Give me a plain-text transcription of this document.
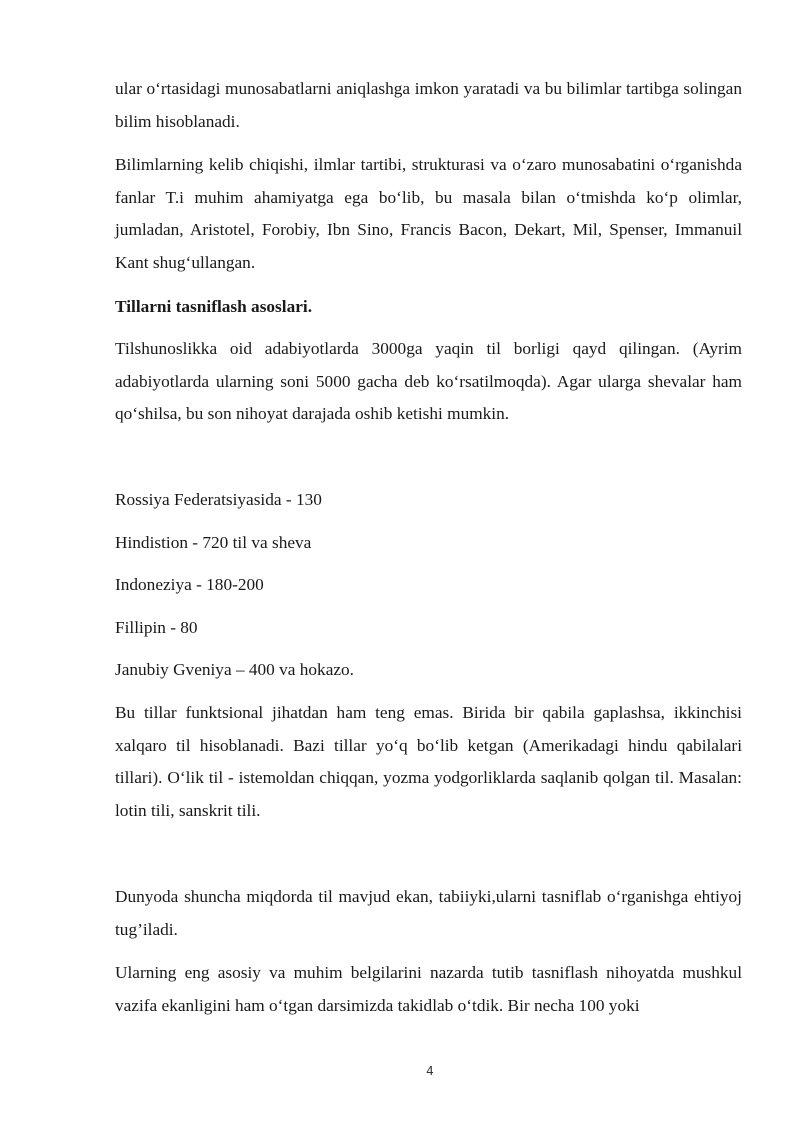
ular o‘rtasidagi munosabatlarni aniqlashga imkon yaratadi va bu bilimlar tartibga solingan bilim hisoblanadi.

Bilimlarning kelib chiqishi, ilmlar tartibi, strukturasi va o‘zaro munosabatini o‘rganishda fanlar T.i muhim ahamiyatga ega bo‘lib, bu masala bilan o‘tmishda ko‘p olimlar, jumladan, Aristotel, Forobiy, Ibn Sino, Francis Bacon, Dekart, Mil, Spenser, Immanuil Kant shug‘ullangan.

Tillarni tasniflash asoslari.

Tilshunoslikka oid adabiyotlarda 3000ga yaqin til borligi qayd qilingan. (Ayrim adabiyotlarda ularning soni 5000 gacha deb ko‘rsatilmoqda). Agar ularga shevalar ham qo‘shilsa, bu son nihoyat darajada oshib ketishi mumkin.

Rossiya Federatsiyasida - 130

Hindistion - 720 til va sheva

Indoneziya - 180-200

Fillipin - 80

Janubiy Gveniya – 400 va hokazo.

Bu tillar funktsional jihatdan ham teng emas. Birida bir qabila gaplashsa, ikkinchisi xalqaro til hisoblanadi. Bazi tillar yo‘q bo‘lib ketgan (Amerikadagi hindu qabilalari tillari). O‘lik til - istemoldan chiqqan, yozma yodgorliklarda saqlanib qolgan til. Masalan: lotin tili, sanskrit tili.

Dunyoda shuncha miqdorda til mavjud ekan, tabiiyki,ularni tasniflab o‘rganishga ehtiyoj tug’iladi.

Ularning eng asosiy va muhim belgilarini nazarda tutib tasniflash nihoyatda mushkul vazifa ekanligini ham o‘tgan darsimizda takidlab o‘tdik. Bir necha 100 yoki

4
